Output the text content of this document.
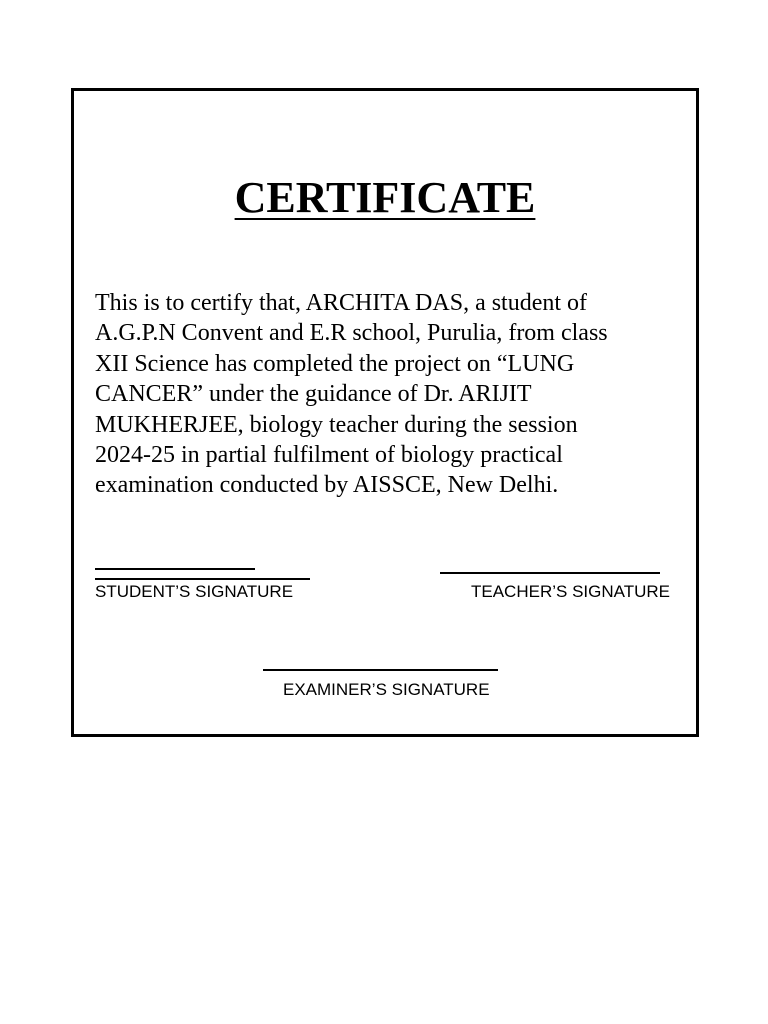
CERTIFICATE

This is to certify that, ARCHITA DAS, a student of
A.G.P.N Convent and E.R school, Purulia, from class
XII Science has completed the project on “LUNG
CANCER” under the guidance of Dr. ARIJIT
MUKHERJEE, biology teacher during the session
2024-25 in partial fulfilment of biology practical
examination conducted by AISSCE, New Delhi.

STUDENT’S SIGNATURE	TEACHER’S SIGNATURE
EXAMINER’S SIGNATURE
